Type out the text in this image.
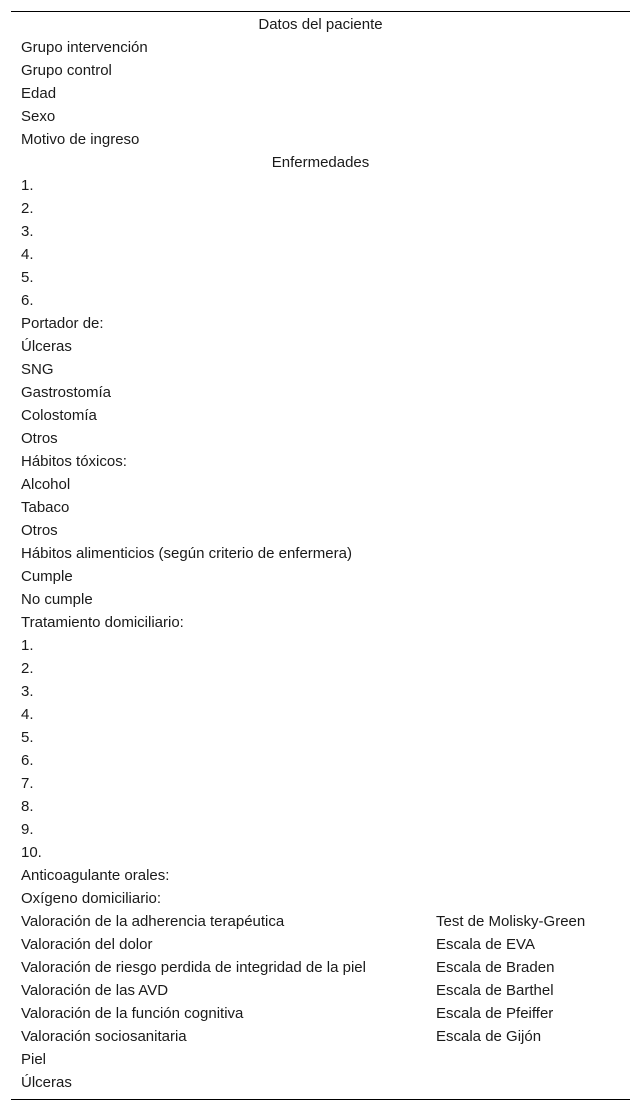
Datos del paciente
Grupo intervención
Grupo control
Edad
Sexo
Motivo de ingreso
Enfermedades
1.
2.
3.
4.
5.
6.
Portador de:
Úlceras
SNG
Gastrostomía
Colostomía
Otros
Hábitos tóxicos:
Alcohol
Tabaco
Otros
Hábitos alimenticios (según criterio de enfermera)
Cumple
No cumple
Tratamiento domiciliario:
1.
2.
3.
4.
5.
6.
7.
8.
9.
10.
Anticoagulante orales:
Oxígeno domiciliario:
Valoración de la adherencia terapéutica	Test de Molisky-Green
Valoración del dolor	Escala de EVA
Valoración de riesgo perdida de integridad de la piel	Escala de Braden
Valoración de las AVD	Escala de Barthel
Valoración de la función cognitiva	Escala de Pfeiffer
Valoración sociosanitaria	Escala de Gijón
Piel
Úlceras
